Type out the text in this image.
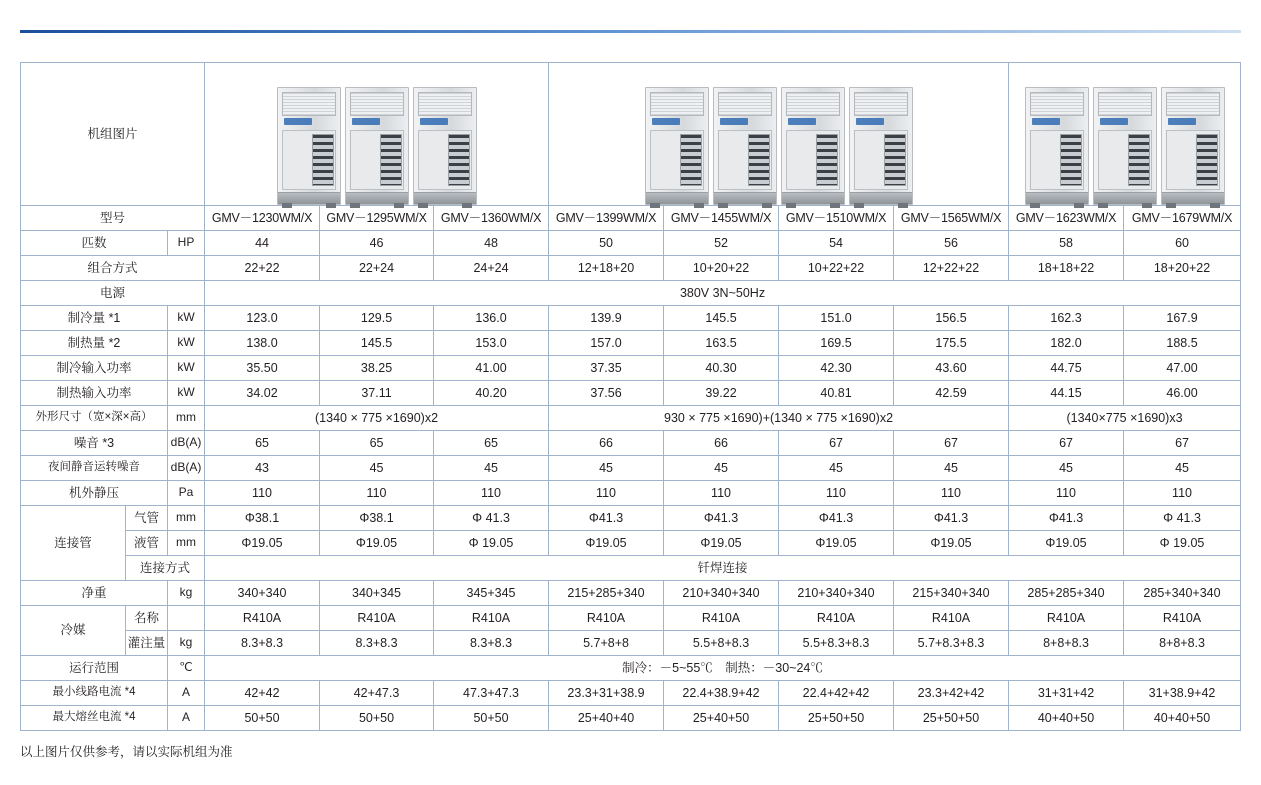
机组图片									

型号			GMV－1230WM/X	GMV－1295WM/X	GMV－1360WM/X	GMV－1399WM/X	GMV－1455WM/X	GMV－1510WM/X	GMV－1565WM/X	GMV－1623WM/X	GMV－1679WM/X
匹数		HP	44	46	48	50	52	54	56	58	60
组合方式			22+22	22+24	24+24	12+18+20	10+20+22	10+22+22	12+22+22	18+18+22	18+20+22
电源			380V 3N~50Hz								
制冷量 *1		kW	123.0	129.5	136.0	139.9	145.5	151.0	156.5	162.3	167.9
制热量 *2		kW	138.0	145.5	153.0	157.0	163.5	169.5	175.5	182.0	188.5
制冷输入功率		kW	35.50	38.25	41.00	37.35	40.30	42.30	43.60	44.75	47.00
制热输入功率		kW	34.02	37.11	40.20	37.56	39.22	40.81	42.59	44.15	46.00
外形尺寸（宽×深×高）		mm	(1340 × 775 ×1690)x2			930 × 775 ×1690)+(1340 × 775 ×1690)x2				(1340×775 ×1690)x3	
噪音 *3		dB(A)	65	65	65	66	66	67	67	67	67
夜间静音运转噪音		dB(A)	43	45	45	45	45	45	45	45	45
机外静压		Pa	110	110	110	110	110	110	110	110	110
连接管	气管	mm	Φ38.1	Φ38.1	Φ 41.3	Φ41.3	Φ41.3	Φ41.3	Φ41.3	Φ41.3	Φ 41.3
	液管	mm	Φ19.05	Φ19.05	Φ 19.05	Φ19.05	Φ19.05	Φ19.05	Φ19.05	Φ19.05	Φ 19.05
	连接方式		钎焊连接								
净重		kg	340+340	340+345	345+345	215+285+340	210+340+340	210+340+340	215+340+340	285+285+340	285+340+340
冷媒	名称		R410A	R410A	R410A	R410A	R410A	R410A	R410A	R410A	R410A
	灌注量	kg	8.3+8.3	8.3+8.3	8.3+8.3	5.7+8+8	5.5+8+8.3	5.5+8.3+8.3	5.7+8.3+8.3	8+8+8.3	8+8+8.3
运行范围		℃	制冷：－5~55℃　制热：－30~24℃								
最小线路电流 *4		A	42+42	42+47.3	47.3+47.3	23.3+31+38.9	22.4+38.9+42	22.4+42+42	23.3+42+42	31+31+42	31+38.9+42
最大熔丝电流 *4		A	50+50	50+50	50+50	25+40+40	25+40+50	25+50+50	25+50+50	40+40+50	40+40+50
以上图片仅供参考，请以实际机组为准
